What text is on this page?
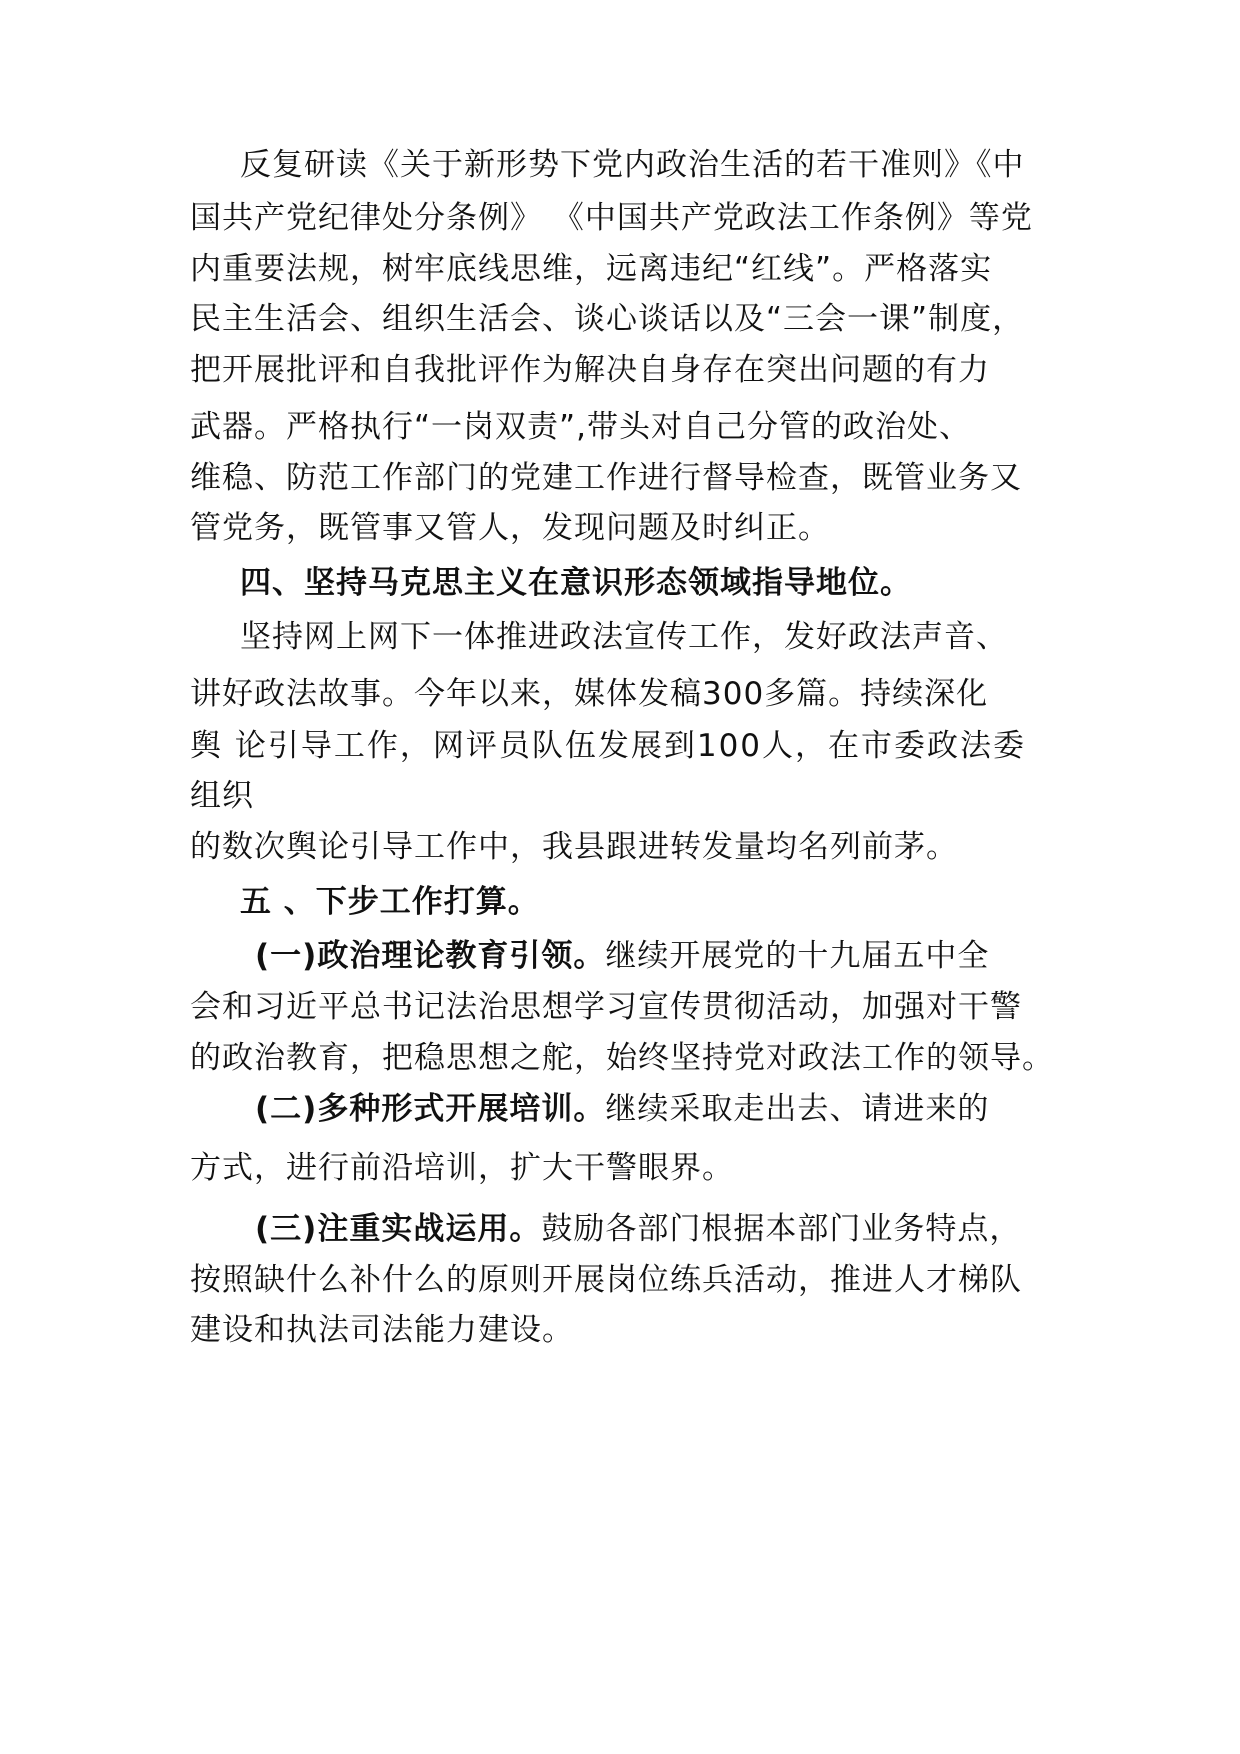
反复研读《关于新形势下党内政治生活的若干准则》《中
国共产党纪律处分条例》 《中国共产党政法工作条例》等党
内重要法规，树牢底线思维，远离违纪“红线”。严格落实
民主生活会、组织生活会、谈心谈话以及“三会一课”制度，
把开展批评和自我批评作为解决自身存在突出问题的有力
武器。严格执行“一岗双责”,带头对自己分管的政治处、
维稳、防范工作部门的党建工作进行督导检查，既管业务又
管党务，既管事又管人，发现问题及时纠正。
四、坚持马克思主义在意识形态领域指导地位。
坚持网上网下一体推进政法宣传工作，发好政法声音、
讲好政法故事。今年以来，媒体发稿300多篇。持续深化
舆 论引导工作，网评员队伍发展到100人，在市委政法委
组织
的数次舆论引导工作中，我县跟进转发量均名列前茅。
五 、下步工作打算。
(一)政治理论教育引领。继续开展党的十九届五中全
会和习近平总书记法治思想学习宣传贯彻活动，加强对干警
的政治教育，把稳思想之舵，始终坚持党对政法工作的领导。
(二)多种形式开展培训。继续采取走出去、请进来的
方式，进行前沿培训，扩大干警眼界。
(三)注重实战运用。鼓励各部门根据本部门业务特点，
按照缺什么补什么的原则开展岗位练兵活动，推进人才梯队
建设和执法司法能力建设。
